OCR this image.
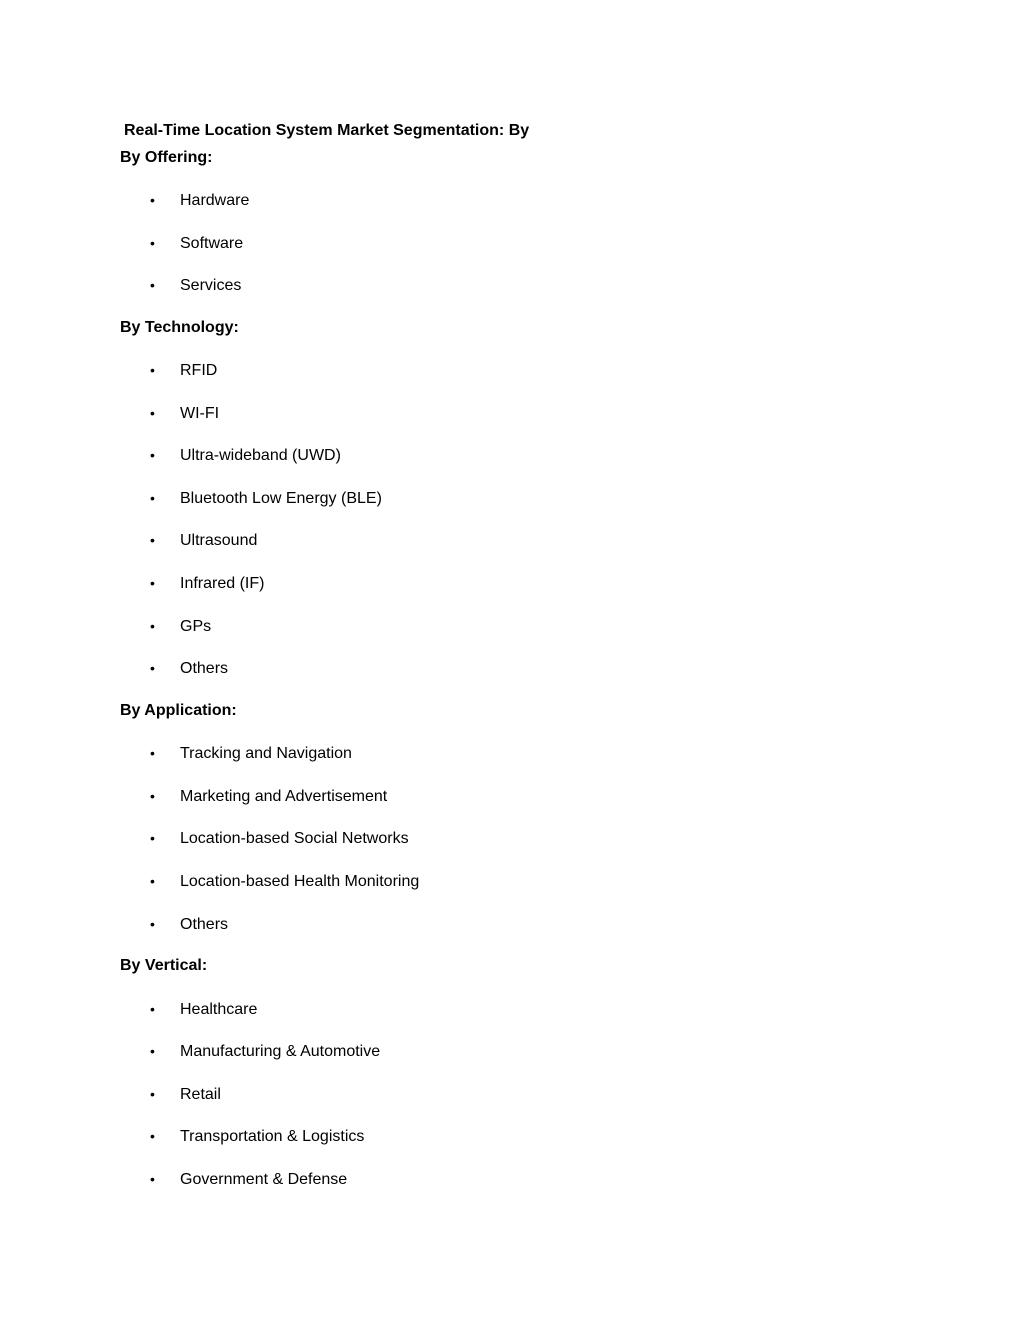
Real-Time Location System Market Segmentation: By
By Offering:
• Hardware
• Software
• Services
By Technology:
• RFID
• WI-FI
• Ultra-wideband (UWD)
• Bluetooth Low Energy (BLE)
• Ultrasound
• Infrared (IF)
• GPs
• Others
By Application:
• Tracking and Navigation
• Marketing and Advertisement
• Location-based Social Networks
• Location-based Health Monitoring
• Others
By Vertical:
• Healthcare
• Manufacturing & Automotive
• Retail
• Transportation & Logistics
• Government & Defense
